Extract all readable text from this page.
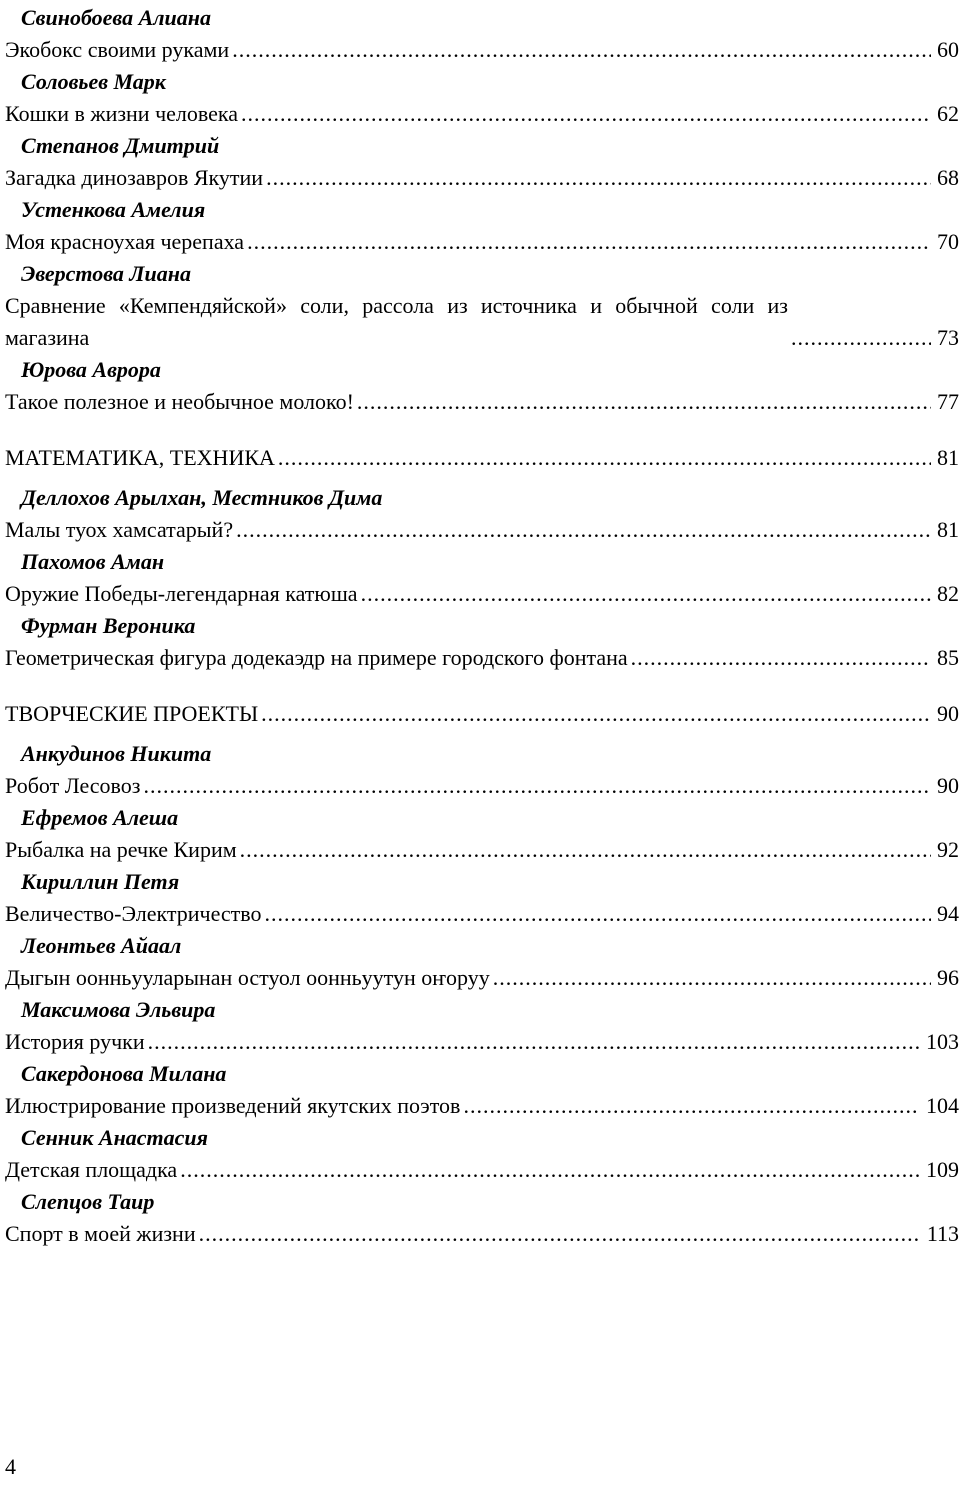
Свинобоева Алиана
Экобокс своими руками .....	60
Соловьев Марк
Кошки в жизни человека .....	62
Степанов Дмитрий
Загадка динозавров Якутии .....	68
Устенкова Амелия
Моя красноухая черепаха .....	70
Эверстова Лиана
Сравнение «Кемпендяйской» соли, рассола из источника и обычной соли из магазина .....	73
Юрова Аврора
Такое полезное и необычное молоко! .....	77
МАТЕМАТИКА, ТЕХНИКА .....	81
Деллохов Арылхан, Местников Дима
Малы туох хамсатарый? .....	81
Пахомов Аман
Оружие Победы-легендарная катюша .....	82
Фурман Вероника
Геометрическая фигура додекаэдр на примере городского фонтана .....	85
ТВОРЧЕСКИЕ ПРОЕКТЫ .....	90
Анкудинов Никита
Робот Лесовоз .....	90
Ефремов Алеша
Рыбалка на речке Кирим .....	92
Кириллин Петя
Величество-Электричество .....	94
Леонтьев Айаал
Дыгын оонньууларынан остуол оонньуутун оҥоруу .....	96
Максимова Эльвира
История ручки .....	103
Сакердонова Милана
Илюстрирование произведений якутских поэтов .....	104
Сенник Анастасия
Детская площадка .....	109
Слепцов Таир
Спорт в моей жизни .....	113
4
